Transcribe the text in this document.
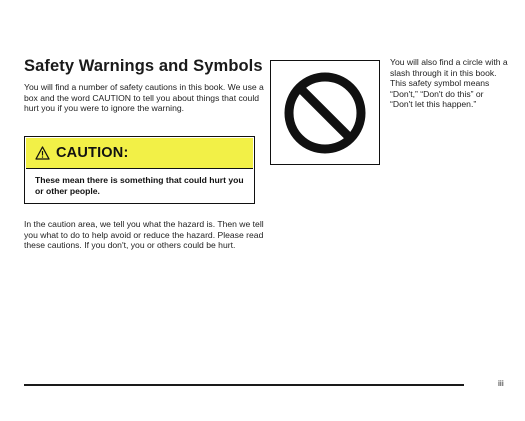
Safety Warnings and Symbols

You will find a number of safety cautions in this book. We use a box and the word CAUTION to tell you about things that could hurt you if you were to ignore the warning.

CAUTION:

These mean there is something that could hurt you or other people.

In the caution area, we tell you what the hazard is. Then we tell you what to do to help avoid or reduce the hazard. Please read these cautions. If you don't, you or others could be hurt.

You will also find a circle with a slash through it in this book. This safety symbol means “Don't,” “Don't do this” or “Don't let this happen.”

iii
